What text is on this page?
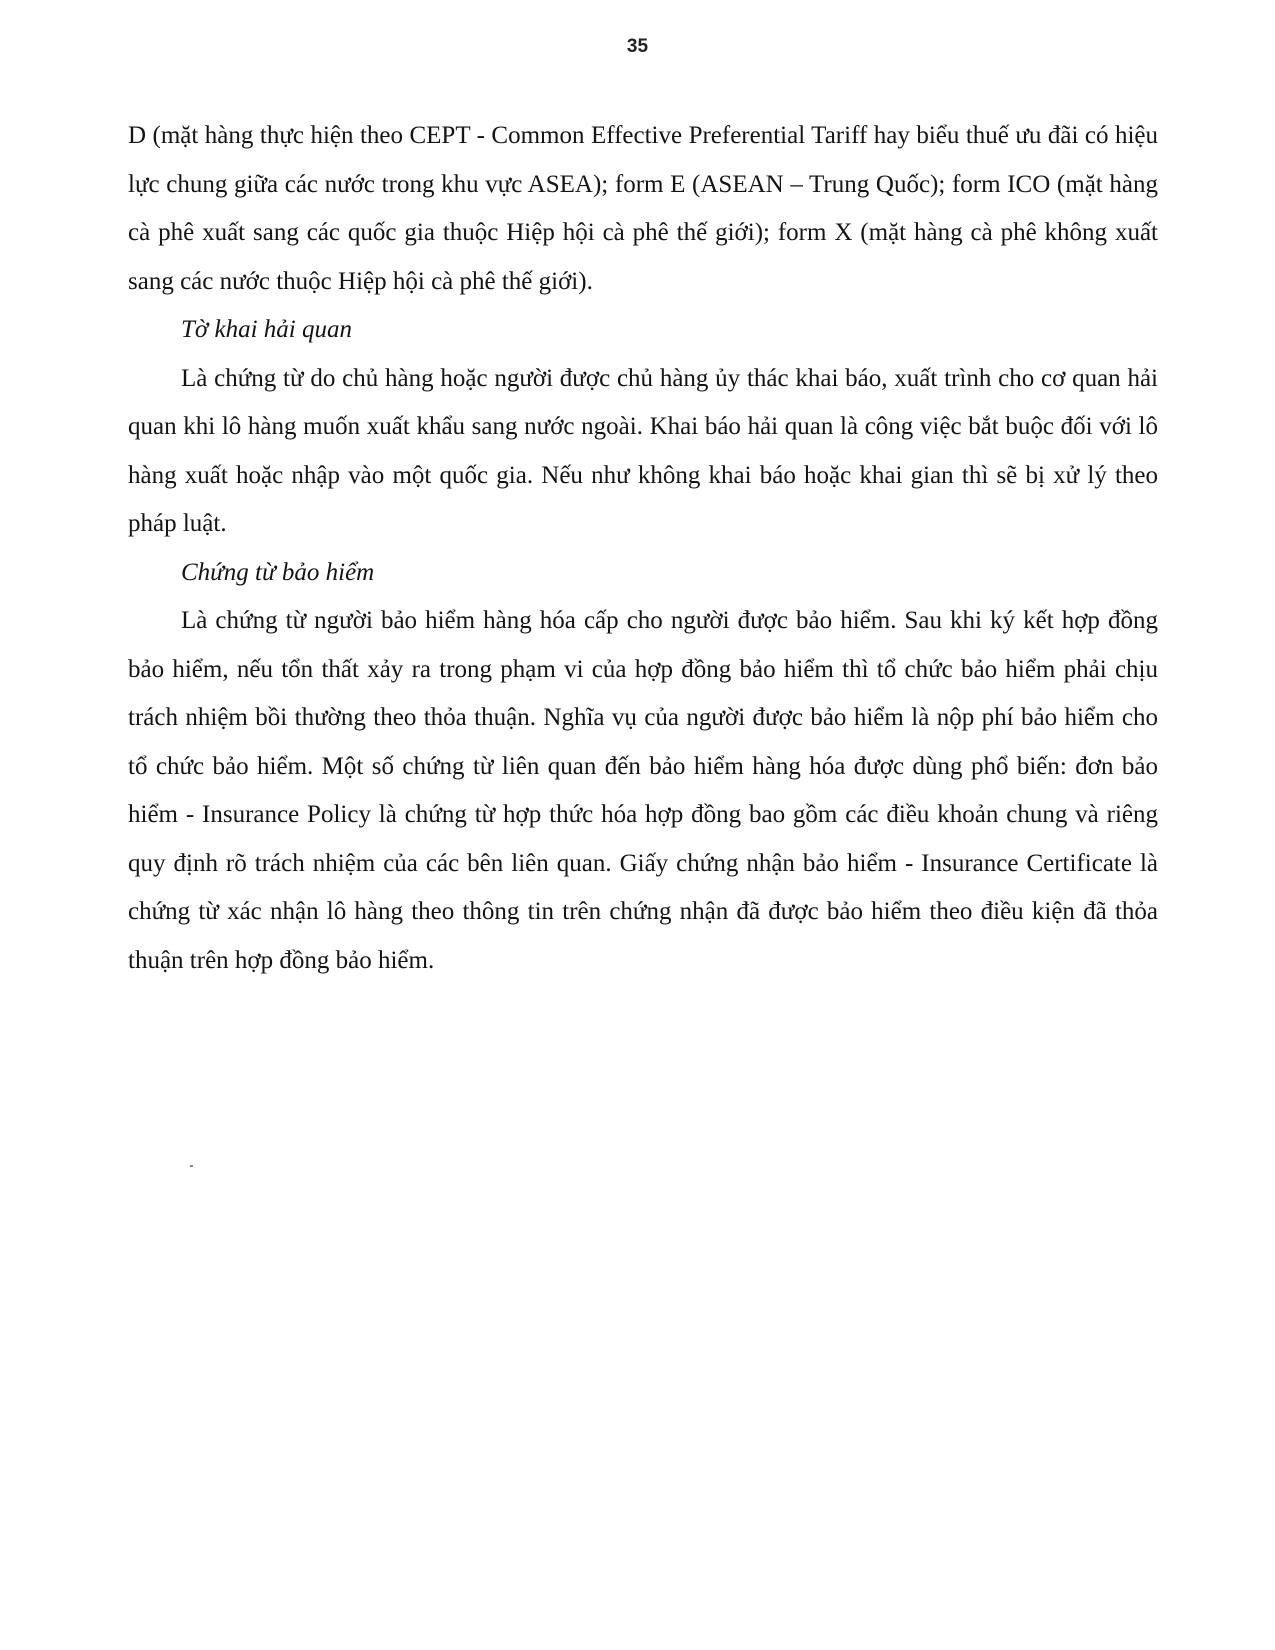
35

D (mặt hàng thực hiện theo CEPT - Common Effective Preferential Tariff hay biểu thuế ưu đãi có hiệu lực chung giữa các nước trong khu vực ASEA); form E (ASEAN – Trung Quốc); form ICO (mặt hàng cà phê xuất sang các quốc gia thuộc Hiệp hội cà phê thế giới); form X (mặt hàng cà phê không xuất sang các nước thuộc Hiệp hội cà phê thế giới).

Tờ khai hải quan

Là chứng từ do chủ hàng hoặc người được chủ hàng ủy thác khai báo, xuất trình cho cơ quan hải quan khi lô hàng muốn xuất khẩu sang nước ngoài. Khai báo hải quan là công việc bắt buộc đối với lô hàng xuất hoặc nhập vào một quốc gia. Nếu như không khai báo hoặc khai gian thì sẽ bị xử lý theo pháp luật.

Chứng từ bảo hiểm

Là chứng từ người bảo hiểm hàng hóa cấp cho người được bảo hiểm. Sau khi ký kết hợp đồng bảo hiểm, nếu tổn thất xảy ra trong phạm vi của hợp đồng bảo hiểm thì tổ chức bảo hiểm phải chịu trách nhiệm bồi thường theo thỏa thuận. Nghĩa vụ của người được bảo hiểm là nộp phí bảo hiểm cho tổ chức bảo hiểm. Một số chứng từ liên quan đến bảo hiểm hàng hóa được dùng phổ biến: đơn bảo hiểm - Insurance Policy là chứng từ hợp thức hóa hợp đồng bao gồm các điều khoản chung và riêng quy định rõ trách nhiệm của các bên liên quan. Giấy chứng nhận bảo hiểm - Insurance Certificate là chứng từ xác nhận lô hàng theo thông tin trên chứng nhận đã được bảo hiểm theo điều kiện đã thỏa thuận trên hợp đồng bảo hiểm.
